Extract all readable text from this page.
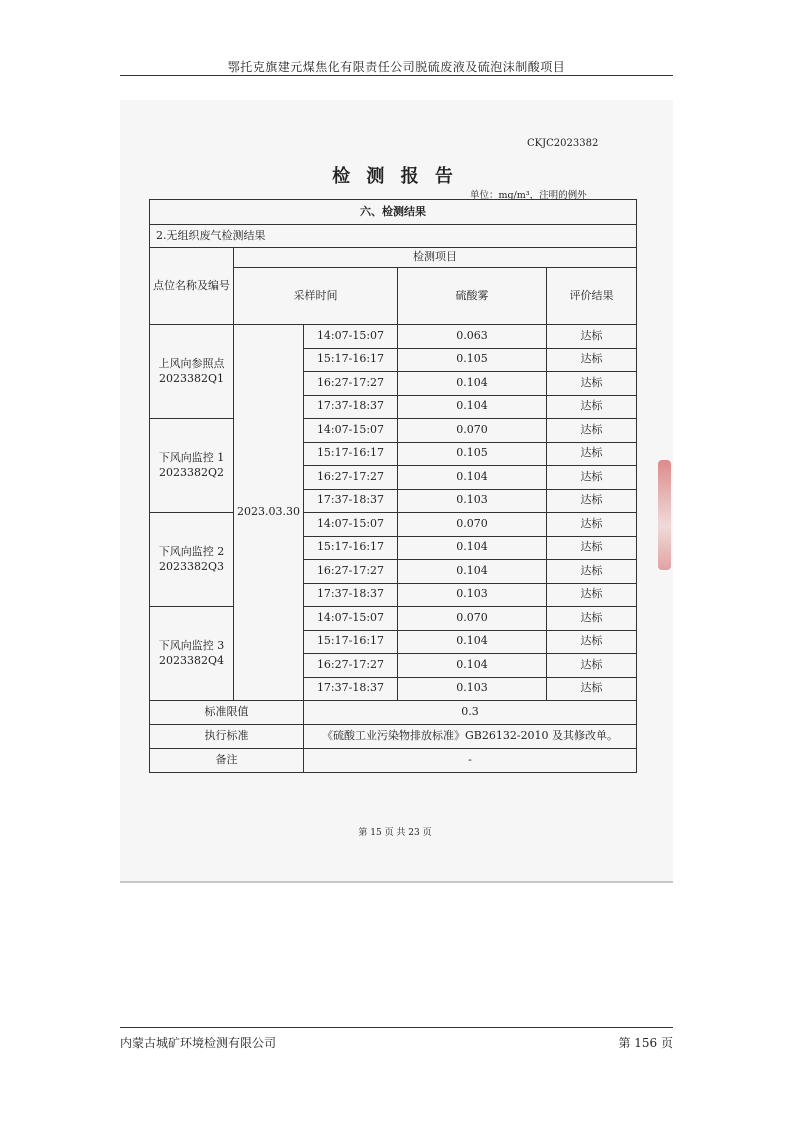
鄂托克旗建元煤焦化有限责任公司脱硫废液及硫泡沫制酸项目
CKJC2023382
检 测 报 告
单位：mg/m³，注明的例外
六、检测结果				
2.无组织废气检测结果				
点位名称及编号	检测项目			
	采样时间		硫酸雾	评价结果

上风向参照点
2023382Q1	2023.03.30	14:07-15:07	0.063	达标
		15:17-16:17	0.105	达标
		16:27-17:27	0.104	达标
		17:37-18:37	0.104	达标

下风向监控 1
2023382Q2		14:07-15:07	0.070	达标
		15:17-16:17	0.105	达标
		16:27-17:27	0.104	达标
		17:37-18:37	0.103	达标

下风向监控 2
2023382Q3		14:07-15:07	0.070	达标
		15:17-16:17	0.104	达标
		16:27-17:27	0.104	达标
		17:37-18:37	0.103	达标

下风向监控 3
2023382Q4		14:07-15:07	0.070	达标
		15:17-16:17	0.104	达标
		16:27-17:27	0.104	达标
		17:37-18:37	0.103	达标
标准限值		0.3		
执行标准		《硫酸工业污染物排放标准》GB26132-2010 及其修改单。		
备注		-		
第 15 页 共 23 页
内蒙古城矿环境检测有限公司	第 156 页
